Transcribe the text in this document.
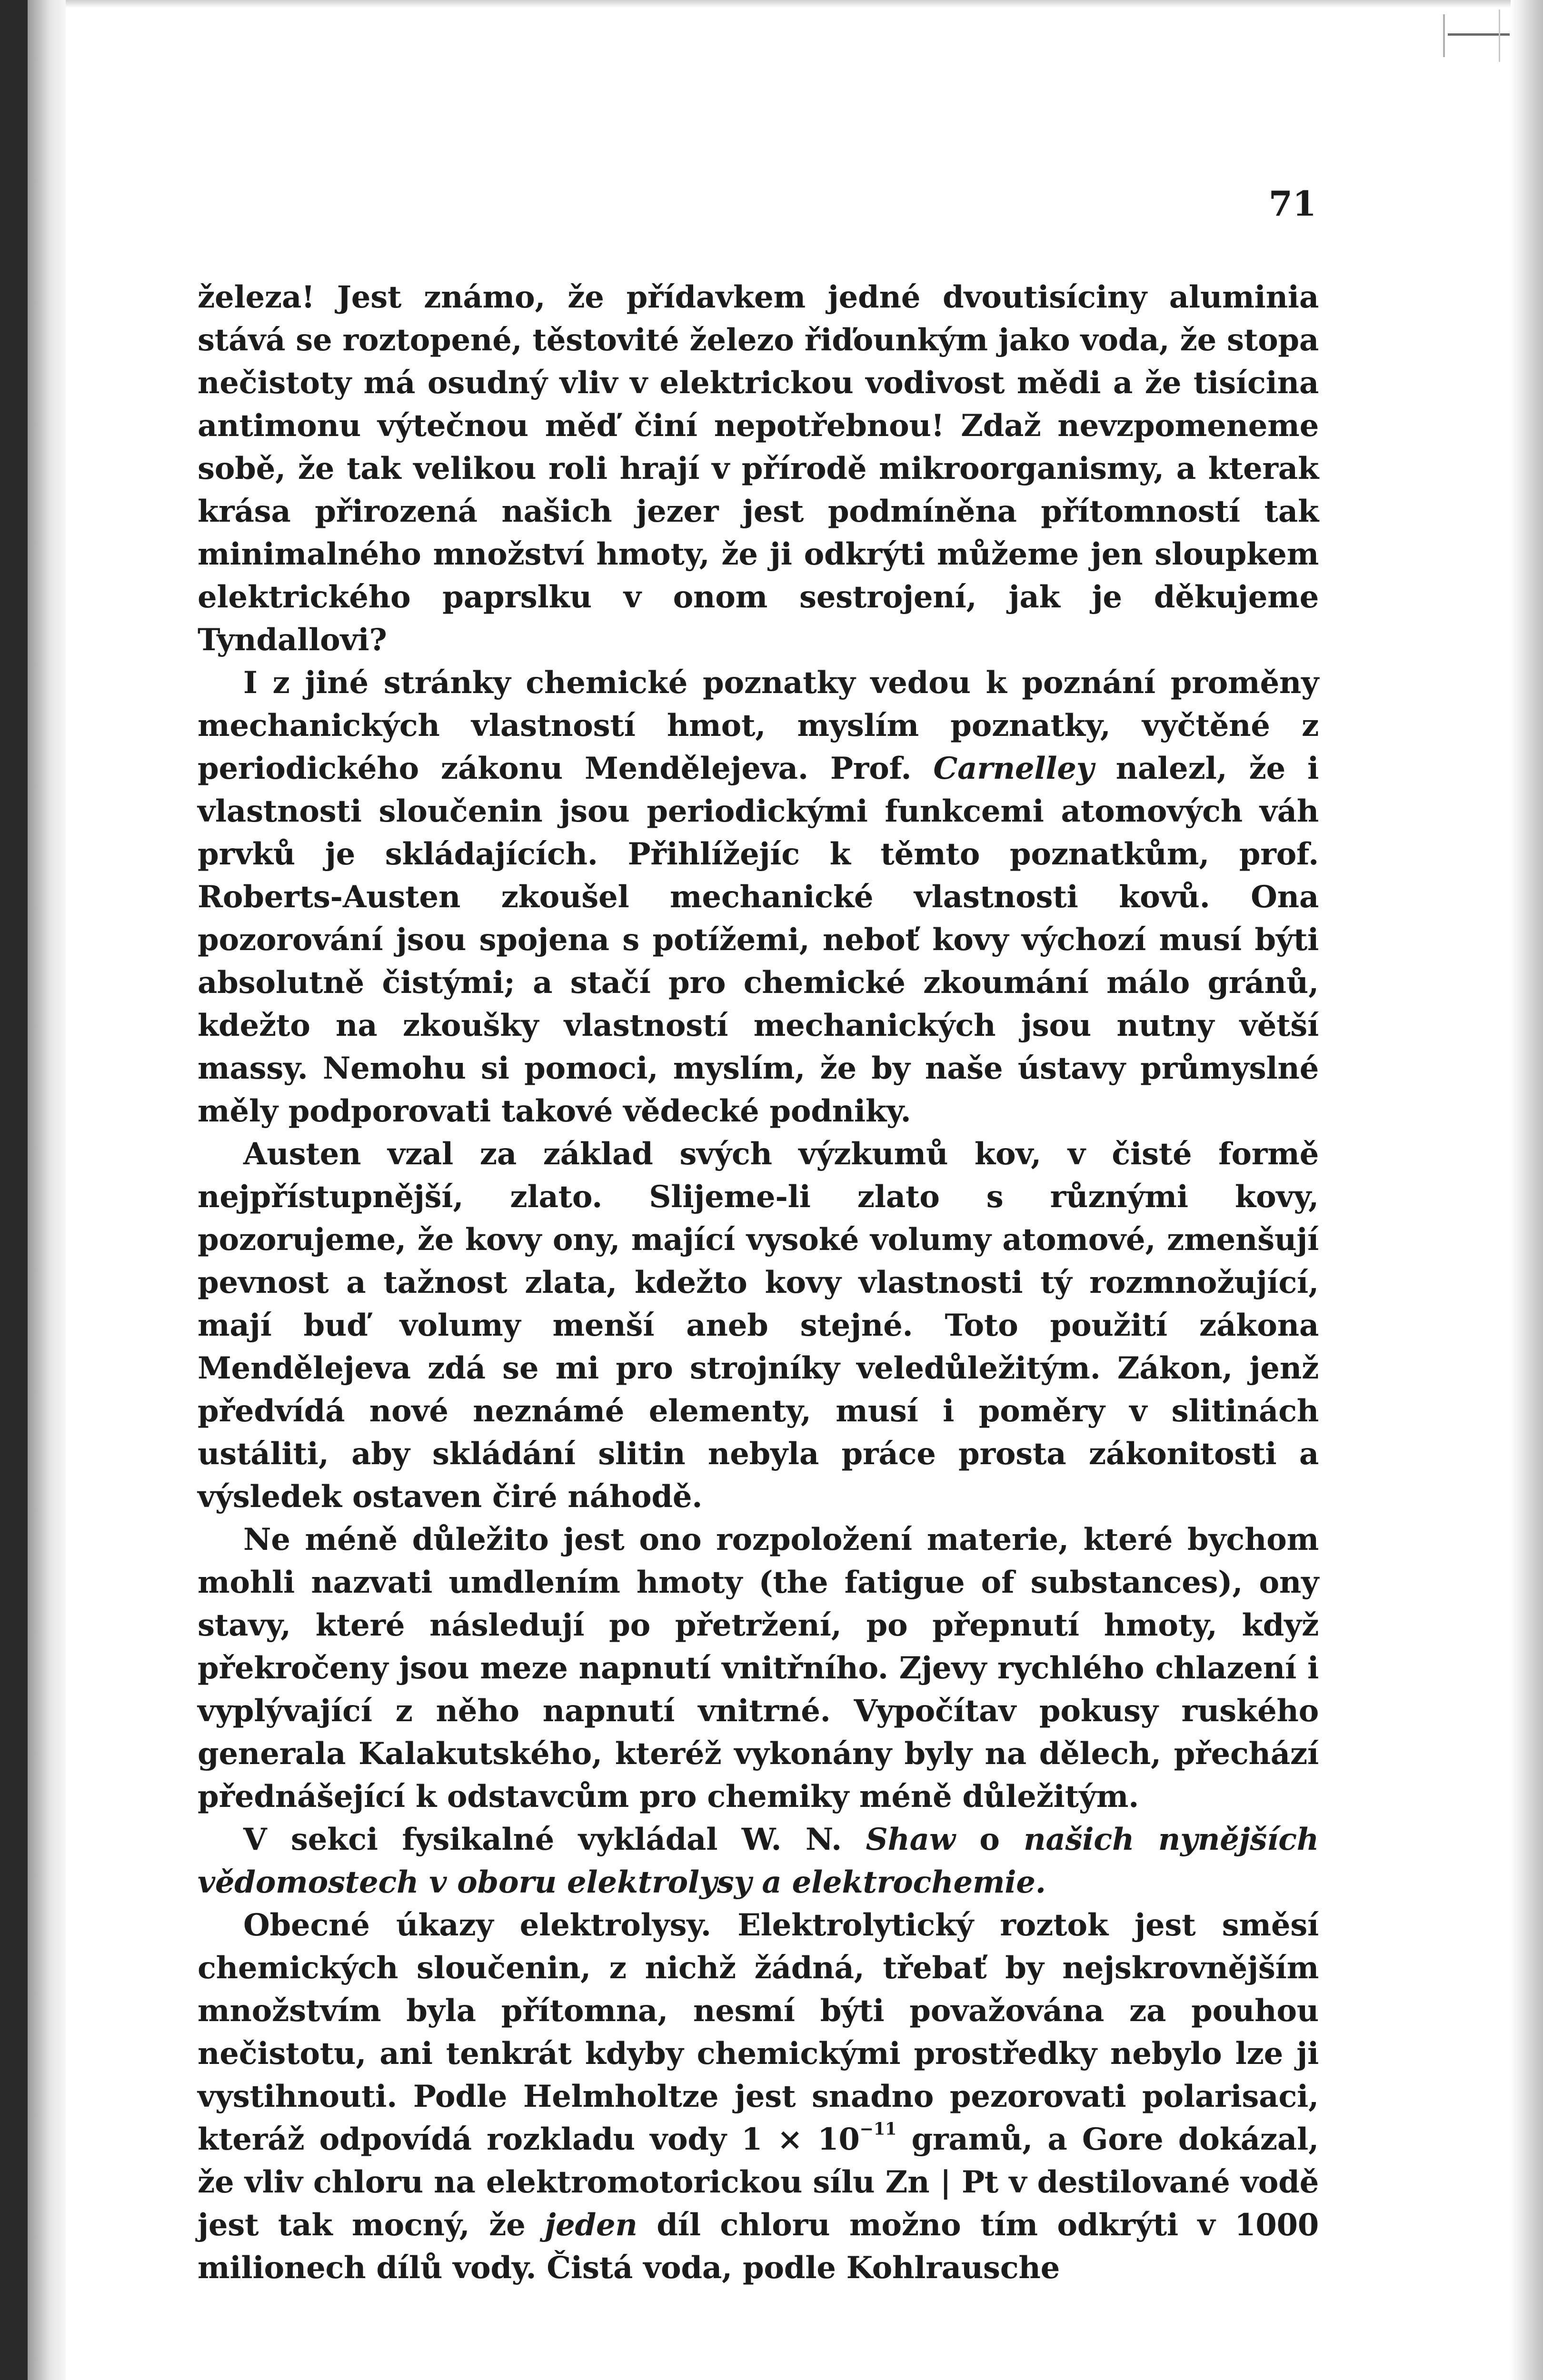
71

železa! Jest známo, že přídavkem jedné dvoutisíciny aluminia stává se roztopené, těstovité železo řiďounkým jako voda, že stopa nečistoty má osudný vliv v elektrickou vodivost mědi a že tisícina antimonu výtečnou měď činí nepotřebnou! Zdaž nevzpomeneme sobě, že tak velikou roli hrají v přírodě mikroorganismy, a kterak krása přirozená našich jezer jest podmíněna přítomností tak minimalného množství hmoty, že ji odkrýti můžeme jen sloupkem elektrického paprslku v onom sestrojení, jak je děkujeme Tyndallovi?

I z jiné stránky chemické poznatky vedou k poznání proměny mechanických vlastností hmot, myslím poznatky, vyčtěné z periodického zákonu Mendělejeva. Prof. Carnelley nalezl, že i vlastnosti sloučenin jsou periodickými funkcemi atomových váh prvků je skládajících. Přihlížejíc k těmto poznatkům, prof. Roberts-Austen zkoušel mechanické vlastnosti kovů. Ona pozorování jsou spojena s potížemi, neboť kovy výchozí musí býti absolutně čistými; a stačí pro chemické zkoumání málo gránů, kdežto na zkoušky vlastností mechanických jsou nutny větší massy. Nemohu si pomoci, myslím, že by naše ústavy průmyslné měly podporovati takové vědecké podniky.

Austen vzal za základ svých výzkumů kov, v čisté formě nejpřístupnější, zlato. Slijeme-li zlato s různými kovy, pozorujeme, že kovy ony, mající vysoké volumy atomové, zmenšují pevnost a tažnost zlata, kdežto kovy vlastnosti tý rozmnožující, mají buď volumy menší aneb stejné. Toto použití zákona Mendělejeva zdá se mi pro strojníky veledůležitým. Zákon, jenž předvídá nové neznámé elementy, musí i poměry v slitinách ustáliti, aby skládání slitin nebyla práce prosta zákonitosti a výsledek ostaven čiré náhodě.

Ne méně důležito jest ono rozpoložení materie, které bychom mohli nazvati umdlením hmoty (the fatigue of substances), ony stavy, které následují po přetržení, po přepnutí hmoty, když překročeny jsou meze napnutí vnitřního. Zjevy rychlého chlazení i vyplývající z něho napnutí vnitrné. Vypočítav pokusy ruského generala Kalakutského, kteréž vykonány byly na dělech, přechází přednášející k odstavcům pro chemiky méně důležitým.

V sekci fysikalné vykládal W. N. Shaw o našich nynějších vědomostech v oboru elektrolysy a elektrochemie.

Obecné úkazy elektrolysy. Elektrolytický roztok jest směsí chemických sloučenin, z nichž žádná, třebať by nejskrovnějším množstvím byla přítomna, nesmí býti považována za pouhou nečistotu, ani tenkrát kdyby chemickými prostředky nebylo lze ji vystihnouti. Podle Helmholtze jest snadno pezorovati polarisaci, kteráž odpovídá rozkladu vody $1 \times 10^{-11}$ gramů, a Gore dokázal, že vliv chloru na elektromotorickou sílu Zn | Pt v destilované vodě jest tak mocný, že jeden díl chloru možno tím odkrýti v 1000 milionech dílů vody. Čistá voda, podle Kohlrausche
